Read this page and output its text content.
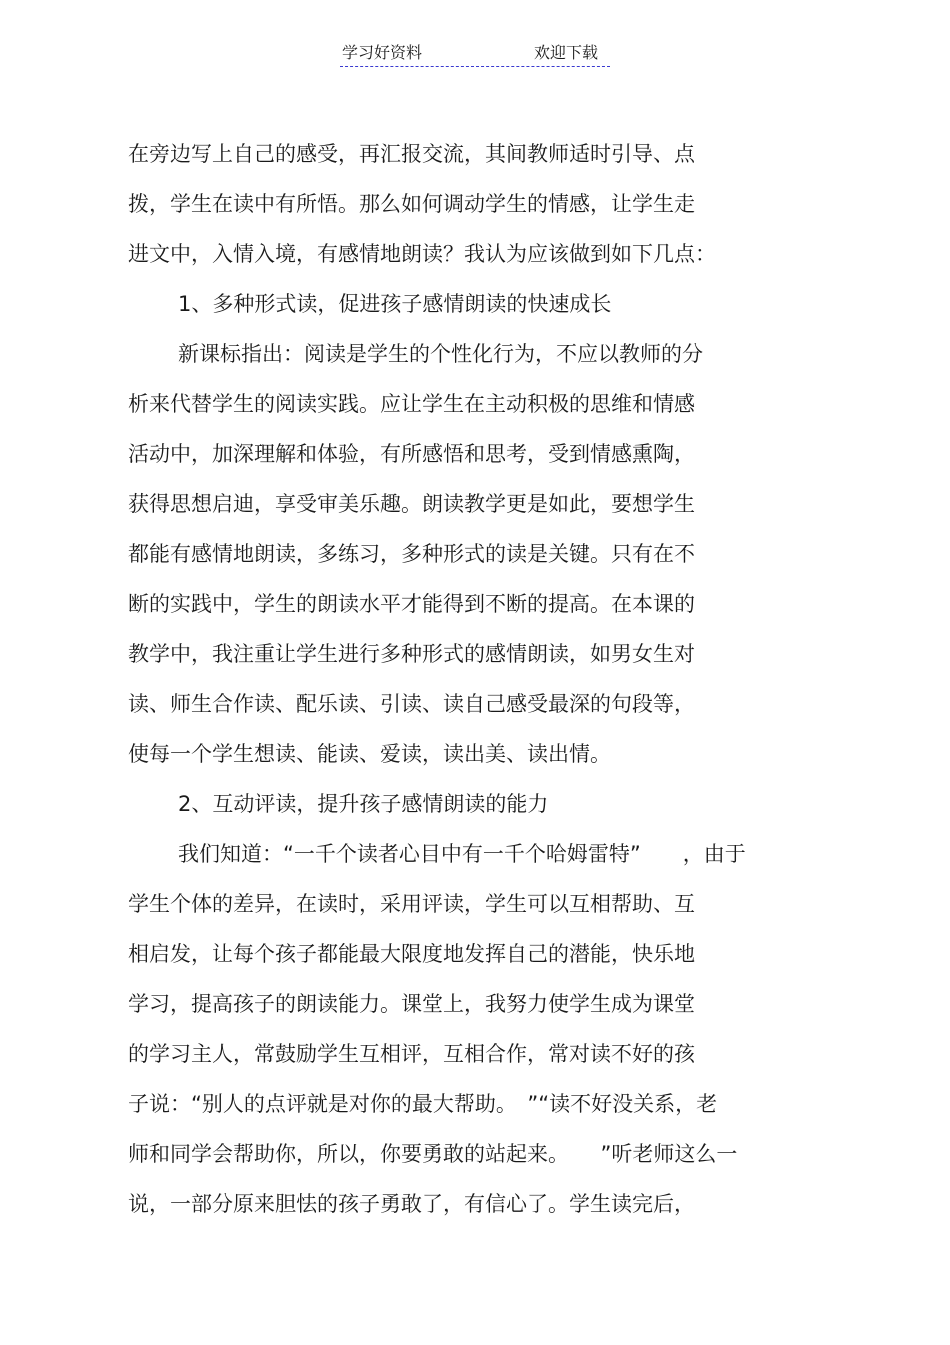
学习好资料	欢迎下载

在旁边写上自己的感受，再汇报交流，其间教师适时引导、点

拨，学生在读中有所悟。那么如何调动学生的情感，让学生走

进文中，入情入境，有感情地朗读？我认为应该做到如下几点：

1、多种形式读，促进孩子感情朗读的快速成长

新课标指出：阅读是学生的个性化行为，不应以教师的分

析来代替学生的阅读实践。应让学生在主动积极的思维和情感

活动中，加深理解和体验，有所感悟和思考，受到情感熏陶，

获得思想启迪，享受审美乐趣。朗读教学更是如此，要想学生

都能有感情地朗读，多练习，多种形式的读是关键。只有在不

断的实践中，学生的朗读水平才能得到不断的提高。在本课的

教学中，我注重让学生进行多种形式的感情朗读，如男女生对

读、师生合作读、配乐读、引读、读自己感受最深的句段等，

使每一个学生想读、能读、爱读，读出美、读出情。

2、互动评读，提升孩子感情朗读的能力

我们知道：“一千个读者心目中有一千个哈姆雷特”　　，由于

学生个体的差异，在读时，采用评读，学生可以互相帮助、互

相启发，让每个孩子都能最大限度地发挥自己的潜能，快乐地

学习，提高孩子的朗读能力。课堂上，我努力使学生成为课堂

的学习主人，常鼓励学生互相评，互相合作，常对读不好的孩

子说：“别人的点评就是对你的最大帮助。　”“读不好没关系，老

师和同学会帮助你，所以，你要勇敢的站起来。　　”听老师这么一

说，一部分原来胆怯的孩子勇敢了，有信心了。学生读完后，
